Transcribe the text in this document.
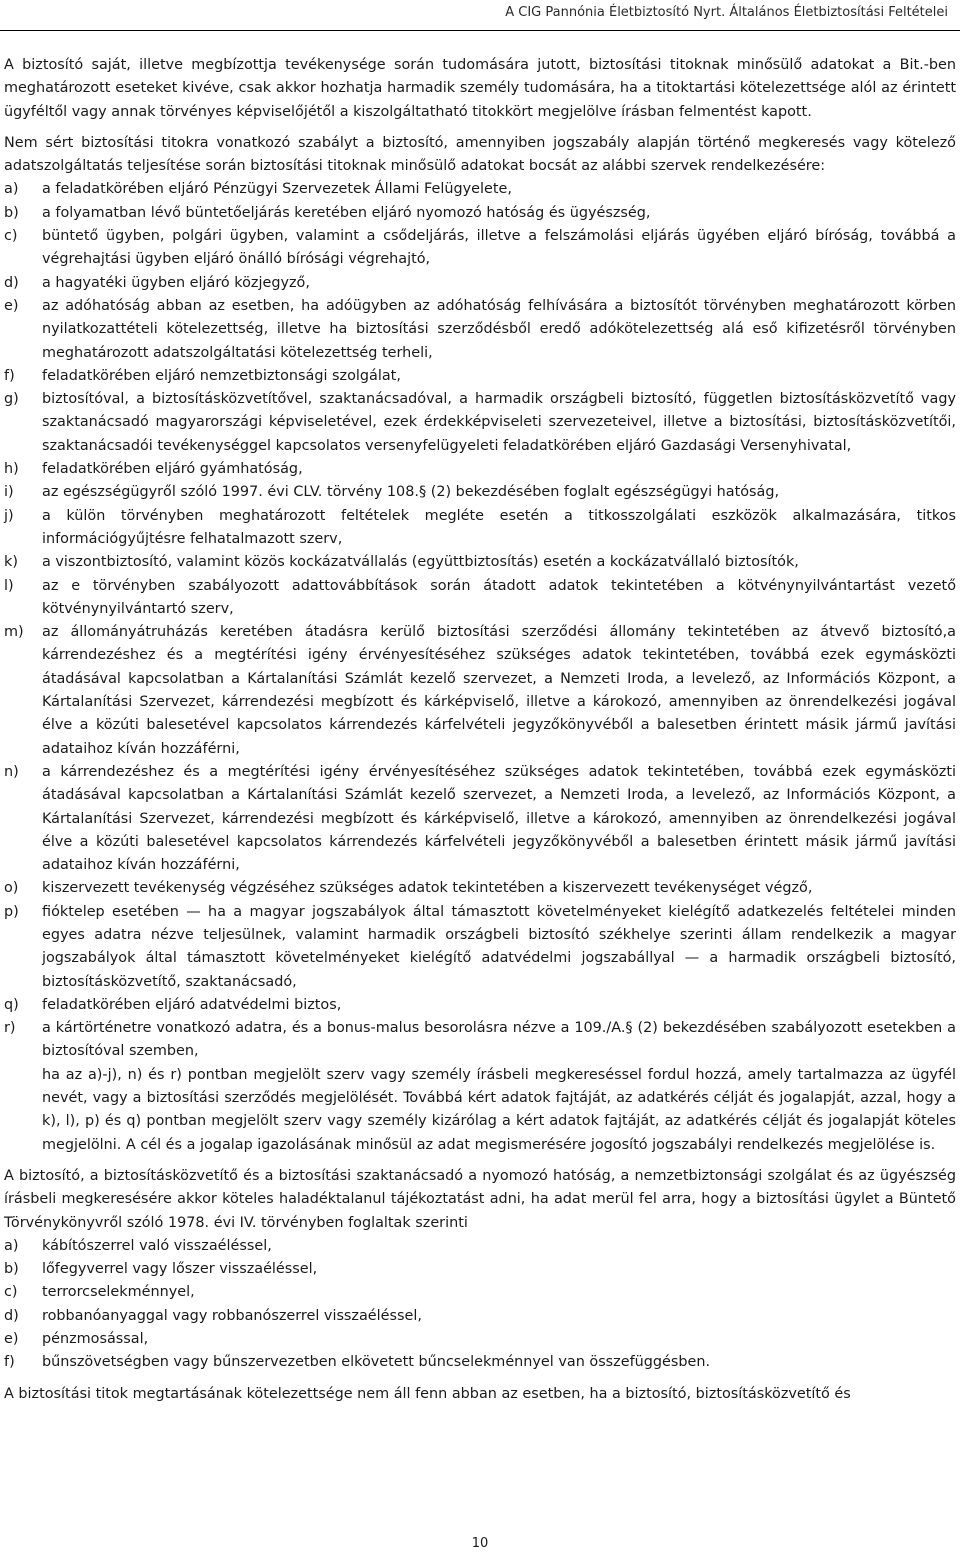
A CIG Pannónia Életbiztosító Nyrt. Általános Életbiztosítási Feltételei

A biztosító saját, illetve megbízottja tevékenysége során tudomására jutott, biztosítási titoknak minősülő adatokat a Bit.-ben meghatározott eseteket kivéve, csak akkor hozhatja harmadik személy tudomására, ha a titoktartási kötelezettsége alól az érintett ügyféltől vagy annak törvényes képviselőjétől a kiszolgáltatható titokkört megjelölve írásban felmentést kapott.

Nem sért biztosítási titokra vonatkozó szabályt a biztosító, amennyiben jogszabály alapján történő megkeresés vagy kötelező adatszolgáltatás teljesítése során biztosítási titoknak minősülő adatokat bocsát az alábbi szervek rendelkezésére:

a) a feladatkörében eljáró Pénzügyi Szervezetek Állami Felügyelete,
b) a folyamatban lévő büntetőeljárás keretében eljáró nyomozó hatóság és ügyészség,
c) büntető ügyben, polgári ügyben, valamint a csődeljárás, illetve a felszámolási eljárás ügyében eljáró bíróság, továbbá a végrehajtási ügyben eljáró önálló bírósági végrehajtó,
d) a hagyatéki ügyben eljáró közjegyző,
e) az adóhatóság abban az esetben, ha adóügyben az adóhatóság felhívására a biztosítót törvényben meghatározott körben nyilatkozattételi kötelezettség, illetve ha biztosítási szerződésből eredő adókötelezettség alá eső kifizetésről törvényben meghatározott adatszolgáltatási kötelezettség terheli,
f) feladatkörében eljáró nemzetbiztonsági szolgálat,
g) biztosítóval, a biztosításközvetítővel, szaktanácsadóval, a harmadik országbeli biztosító, független biztosításközvetítő vagy szaktanácsadó magyarországi képviseletével, ezek érdekképviseleti szervezeteivel, illetve a biztosítási, biztosításközvetítői, szaktanácsadói tevékenységgel kapcsolatos versenyfelügyeleti feladatkörében eljáró Gazdasági Versenyhivatal,
h) feladatkörében eljáró gyámhatóság,
i) az egészségügyről szóló 1997. évi CLV. törvény 108.§ (2) bekezdésében foglalt egészségügyi hatóság,
j) a külön törvényben meghatározott feltételek megléte esetén a titkosszolgálati eszközök alkalmazására, titkos információgyűjtésre felhatalmazott szerv,
k) a viszontbiztosító, valamint közös kockázatvállalás (együttbiztosítás) esetén a kockázatvállaló biztosítók,
l) az e törvényben szabályozott adattovábbítások során átadott adatok tekintetében a kötvénynyilvántartást vezető kötvénynyilvántartó szerv,
m) az állományátruházás keretében átadásra kerülő biztosítási szerződési állomány tekintetében az átvevő biztosító,a kárrendezéshez és a megtérítési igény érvényesítéséhez szükséges adatok tekintetében, továbbá ezek egymásközti átadásával kapcsolatban a Kártalanítási Számlát kezelő szervezet, a Nemzeti Iroda, a levelező, az Információs Központ, a Kártalanítási Szervezet, kárrendezési megbízott és kárképviselő, illetve a károkozó, amennyiben az önrendelkezési jogával élve a közúti balesetével kapcsolatos kárrendezés kárfelvételi jegyzőkönyvéből a balesetben érintett másik jármű javítási adataihoz kíván hozzáférni,
n) a kárrendezéshez és a megtérítési igény érvényesítéséhez szükséges adatok tekintetében, továbbá ezek egymásközti átadásával kapcsolatban a Kártalanítási Számlát kezelő szervezet, a Nemzeti Iroda, a levelező, az Információs Központ, a Kártalanítási Szervezet, kárrendezési megbízott és kárképviselő, illetve a károkozó, amennyiben az önrendelkezési jogával élve a közúti balesetével kapcsolatos kárrendezés kárfelvételi jegyzőkönyvéből a balesetben érintett másik jármű javítási adataihoz kíván hozzáférni,
o) kiszervezett tevékenység végzéséhez szükséges adatok tekintetében a kiszervezett tevékenységet végző,
p) fióktelep esetében — ha a magyar jogszabályok által támasztott követelményeket kielégítő adatkezelés feltételei minden egyes adatra nézve teljesülnek, valamint harmadik országbeli biztosító székhelye szerinti állam rendelkezik a magyar jogszabályok által támasztott követelményeket kielégítő adatvédelmi jogszabállyal — a harmadik országbeli biztosító, biztosításközvetítő, szaktanácsadó,
q) feladatkörében eljáró adatvédelmi biztos,
r) a kártörténetre vonatkozó adatra, és a bonus-malus besorolásra nézve a 109./A.§ (2) bekezdésében szabályozott esetekben a biztosítóval szemben,
ha az a)-j), n) és r) pontban megjelölt szerv vagy személy írásbeli megkereséssel fordul hozzá, amely tartalmazza az ügyfél nevét, vagy a biztosítási szerződés megjelölését. Továbbá kért adatok fajtáját, az adatkérés célját és jogalapját, azzal, hogy a k), l), p) és q) pontban megjelölt szerv vagy személy kizárólag a kért adatok fajtáját, az adatkérés célját és jogalapját köteles megjelölni. A cél és a jogalap igazolásának minősül az adat megismerésére jogosító jogszabályi rendelkezés megjelölése is.

A biztosító, a biztosításközvetítő és a biztosítási szaktanácsadó a nyomozó hatóság, a nemzetbiztonsági szolgálat és az ügyészség írásbeli megkeresésére akkor köteles haladéktalanul tájékoztatást adni, ha adat merül fel arra, hogy a biztosítási ügylet a Büntető Törvénykönyvről szóló 1978. évi IV. törvényben foglaltak szerinti

a) kábítószerrel való visszaéléssel,
b) lőfegyverrel vagy lőszer visszaéléssel,
c) terrorcselekménnyel,
d) robbanóanyaggal vagy robbanószerrel visszaéléssel,
e) pénzmosással,
f) bűnszövetségben vagy bűnszervezetben elkövetett bűncselekménnyel van összefüggésben.

A biztosítási titok megtartásának kötelezettsége nem áll fenn abban az esetben, ha a biztosító, biztosításközvetítő és

10
